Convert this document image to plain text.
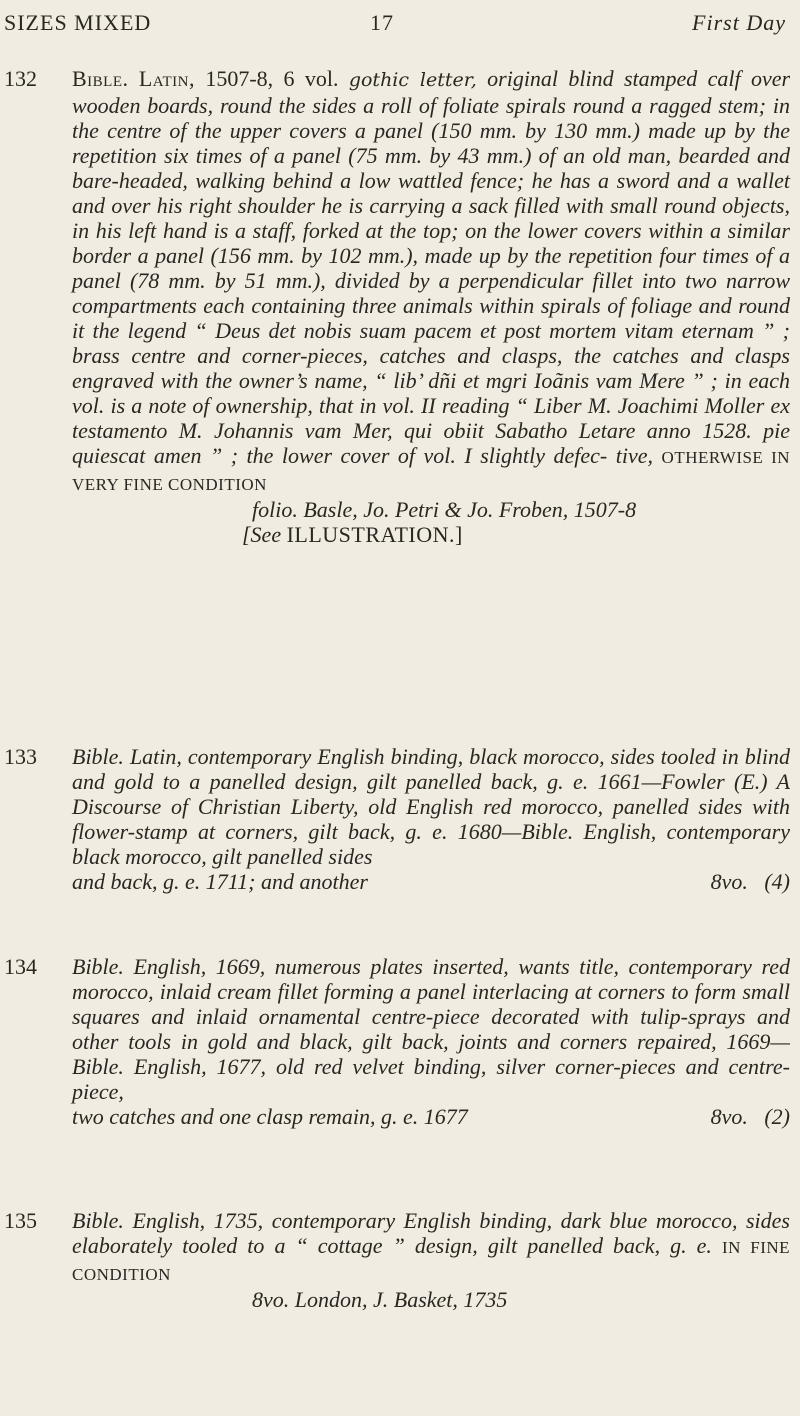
SIZES MIXED	17	First Day
132 Bible. Latin, 1507-8, 6 vol. gothic letter, original blind stamped calf over wooden boards, round the sides a roll of foliate spirals round a ragged stem; in the centre of the upper covers a panel (150 mm. by 130 mm.) made up by the repetition six times of a panel (75 mm. by 43 mm.) of an old man, bearded and bare-headed, walking behind a low wattled fence; he has a sword and a wallet and over his right shoulder he is carrying a sack filled with small round objects, in his left hand is a staff, forked at the top; on the lower covers within a similar border a panel (156 mm. by 102 mm.), made up by the repetition four times of a panel (78 mm. by 51 mm.), divided by a perpendicular fillet into two narrow compartments each containing three animals within spirals of foliage and round it the legend “ Deus det nobis suam pacem et post mortem vitam eternam ” ; brass centre and corner-pieces, catches and clasps, the catches and clasps engraved with the owner’s name, “ lib’ dñi et mgri Ioãnis vam Mere ” ; in each vol. is a note of ownership, that in vol. II reading “ Liber M. Joachimi Moller ex testamento M. Johannis vam Mer, qui obiit Sabatho Letare anno 1528. pie quiescat amen ” ; the lower cover of vol. I slightly defec- tive, OTHERWISE IN VERY FINE CONDITION

folio. Basle, Jo. Petri & Jo. Froben, 1507-8

[See ILLUSTRATION.]

133 Bible. Latin, contemporary English binding, black morocco, sides tooled in blind and gold to a panelled design, gilt panelled back, g. e. 1661—Fowler (E.) A Discourse of Christian Liberty, old English red morocco, panelled sides with flower-stamp at corners, gilt back, g. e. 1680—Bible. English, contemporary black morocco, gilt panelled sides

and back, g. e. 1711; and another	8vo. (4)

134 Bible. English, 1669, numerous plates inserted, wants title, contemporary red morocco, inlaid cream fillet forming a panel interlacing at corners to form small squares and inlaid ornamental centre-piece decorated with tulip-sprays and other tools in gold and black, gilt back, joints and corners repaired, 1669—Bible. English, 1677, old red velvet binding, silver corner-pieces and centre-piece,

two catches and one clasp remain, g. e. 1677	8vo. (2)

135 Bible. English, 1735, contemporary English binding, dark blue morocco, sides elaborately tooled to a “ cottage ” design, gilt panelled back, g. e. IN FINE CONDITION

8vo. London, J. Basket, 1735
